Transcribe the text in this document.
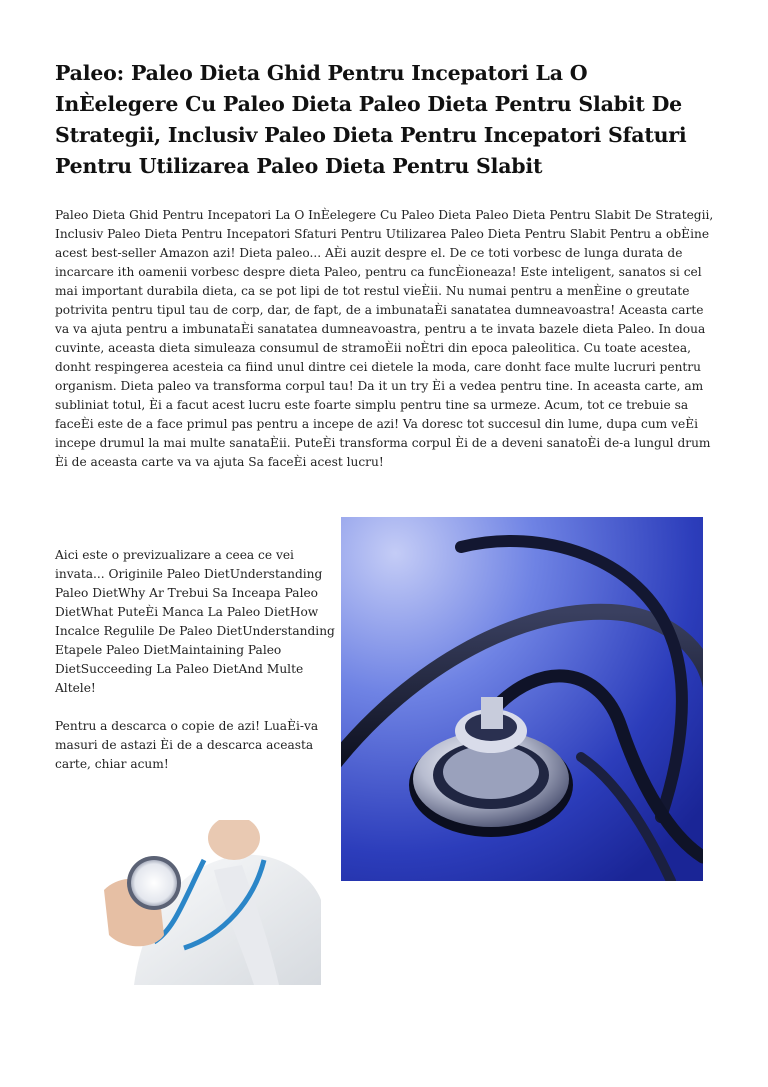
Paleo: Paleo Dieta Ghid Pentru Incepatori La O InÈelegere Cu Paleo Dieta Paleo Dieta Pentru Slabit De Strategii, Inclusiv Paleo Dieta Pentru Incepatori Sfaturi Pentru Utilizarea Paleo Dieta Pentru Slabit
Paleo Dieta Ghid Pentru Incepatori La O InÈelegere Cu Paleo Dieta Paleo Dieta Pentru Slabit De Strategii, Inclusiv Paleo Dieta Pentru Incepatori Sfaturi Pentru Utilizarea Paleo Dieta Pentru Slabit Pentru a obÈine acest best-seller Amazon azi! Dieta paleo... AÈi auzit despre el. De ce toti vorbesc de lunga durata de incarcare ith oamenii vorbesc despre dieta Paleo, pentru ca funcÈioneaza! Este inteligent, sanatos si cel mai important durabila dieta, ca se pot lipi de tot restul vieÈii. Nu numai pentru a menÈine o greutate potrivita pentru tipul tau de corp, dar, de fapt, de a imbunataÈi sanatatea dumneavoastra! Aceasta carte va va ajuta pentru a imbunataÈi sanatatea dumneavoastra, pentru a te invata bazele dieta Paleo. In doua cuvinte, aceasta dieta simuleaza consumul de stramoÈii noÈtri din epoca paleolitica. Cu toate acestea, donht respingerea acesteia ca fiind unul dintre cei dietele la moda, care donht face multe lucruri pentru organism. Dieta paleo va transforma corpul tau! Da it un try Èi a vedea pentru tine. In aceasta carte, am subliniat totul, Èi a facut acest lucru este foarte simplu pentru tine sa urmeze. Acum, tot ce trebuie sa faceÈi este de a face primul pas pentru a incepe de azi! Va doresc tot succesul din lume, dupa cum veÈi incepe drumul la mai multe sanataÈii. PuteÈi transforma corpul Èi de a deveni sanatoÈi de-a lungul drum Èi de aceasta carte va va ajuta Sa faceÈi acest lucru!

Aici este o previzualizare a ceea ce vei invata... Originile Paleo DietUnderstanding Paleo DietWhy Ar Trebui Sa Inceapa Paleo DietWhat PuteÈi Manca La Paleo DietHow Incalce Regulile De Paleo DietUnderstanding Etapele Paleo DietMaintaining Paleo DietSucceeding La Paleo DietAnd Multe Altele!

Pentru a descarca o copie de azi! LuaÈi-va masuri de astazi Èi de a descarca aceasta carte, chiar acum!
